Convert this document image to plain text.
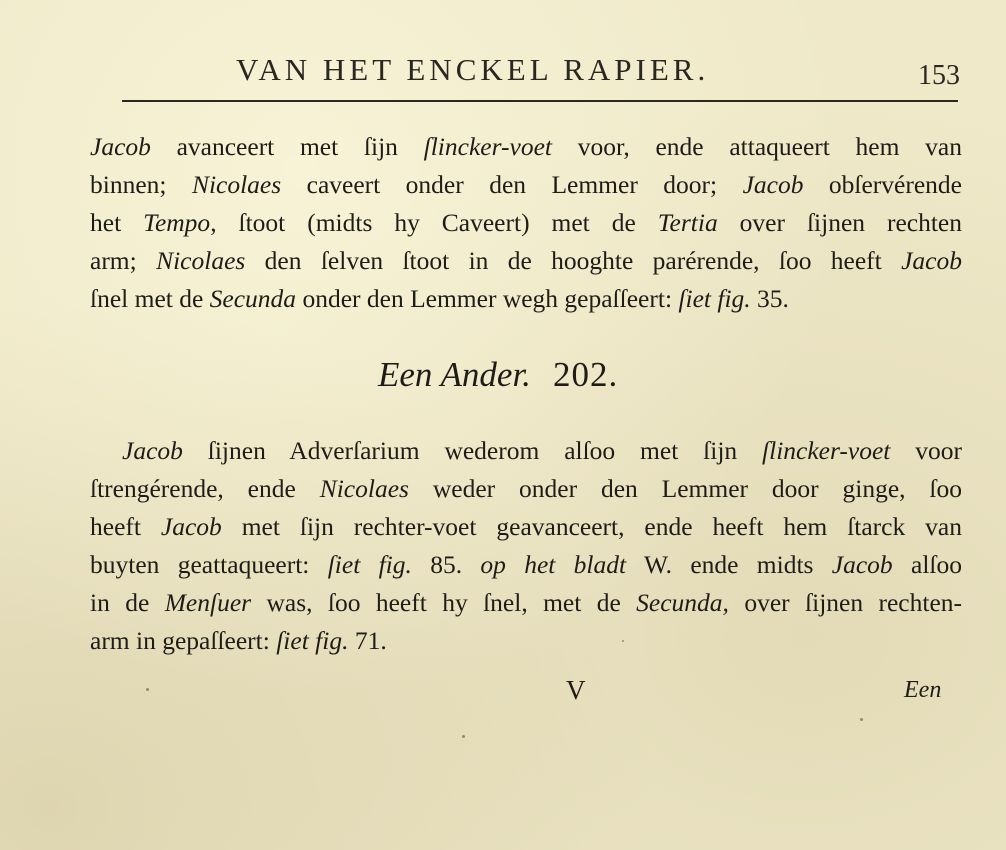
VAN HET ENCKEL RAPIER.	153
Jacob avanceert met ſijn ſlincker-voet voor, ende attaqueert hem van
binnen; Nicolaes caveert onder den Lemmer door; Jacob obſervérende
het Tempo, ſtoot (midts hy Caveert) met de Tertia over ſijnen rechten
arm; Nicolaes den ſelven ſtoot in de hooghte parérende, ſoo heeft Jacob
ſnel met de Secunda onder den Lemmer wegh gepaſſeert: ſiet fig. 35.
Een Ander. 202.
Jacob ſijnen Adverſarium wederom alſoo met ſijn ſlincker-voet voor
ſtrengérende, ende Nicolaes weder onder den Lemmer door ginge, ſoo
heeft Jacob met ſijn rechter-voet geavanceert, ende heeft hem ſtarck van
buyten geattaqueert: ſiet fig. 85. op het bladt W. ende midts Jacob alſoo
in de Menſuer was, ſoo heeft hy ſnel, met de Secunda, over ſijnen rechten-
arm in gepaſſeert: ſiet fig. 71.
V	Een
